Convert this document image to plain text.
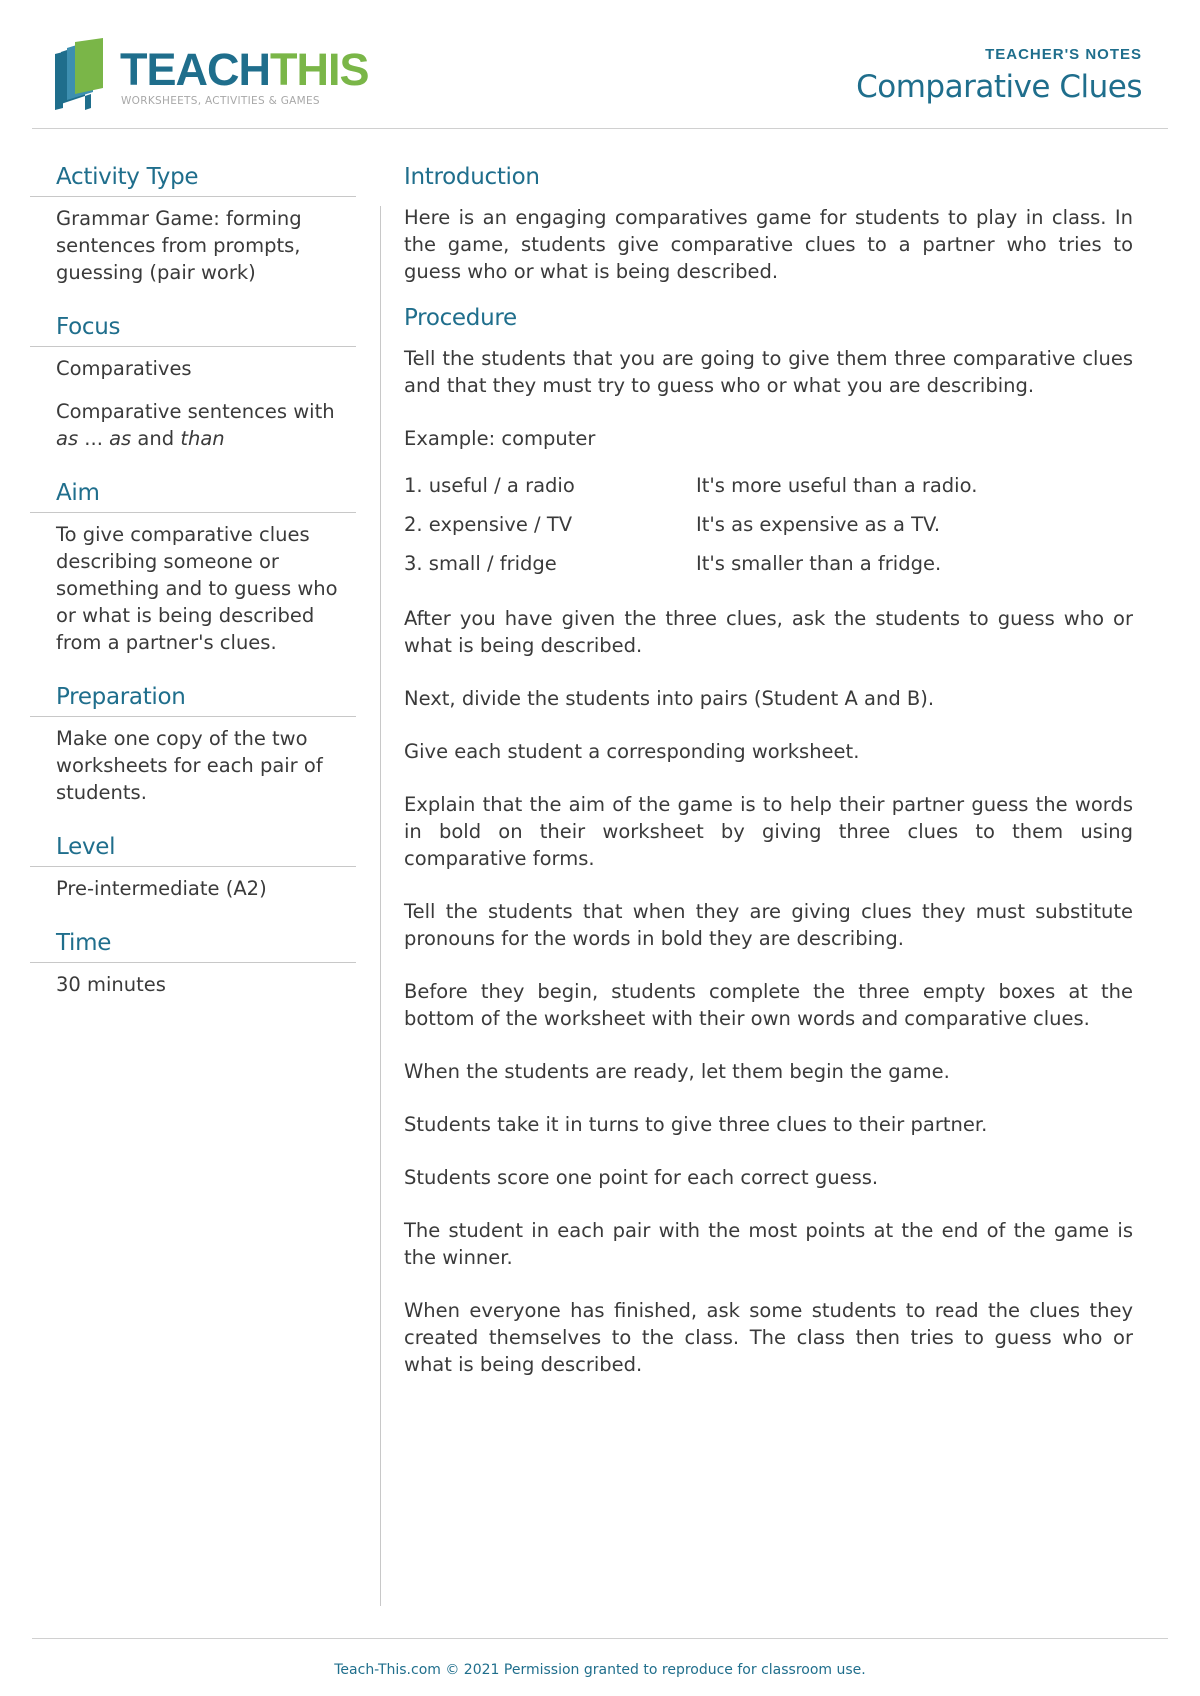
TEACHTHIS
WORKSHEETS, ACTIVITIES & GAMES
TEACHER'S NOTES
Comparative Clues
Activity Type

Grammar Game: forming sentences from prompts, guessing (pair work)

Focus

Comparatives

Comparative sentences with as ... as and than

Aim

To give comparative clues describing someone or something and to guess who or what is being described from a partner's clues.

Preparation

Make one copy of the two worksheets for each pair of students.

Level

Pre-intermediate (A2)

Time

30 minutes

Introduction

Here is an engaging comparatives game for students to play in class. In the game, students give comparative clues to a partner who tries to guess who or what is being described.

Procedure

Tell the students that you are going to give them three comparative clues and that they must try to guess who or what you are describing.

Example: computer

1. useful / a radio	It's more useful than a radio.
2. expensive / TV	It's as expensive as a TV.
3. small / fridge	It's smaller than a fridge.

After you have given the three clues, ask the students to guess who or what is being described.

Next, divide the students into pairs (Student A and B).

Give each student a corresponding worksheet.

Explain that the aim of the game is to help their partner guess the words in bold on their worksheet by giving three clues to them using comparative forms.

Tell the students that when they are giving clues they must substitute pronouns for the words in bold they are describing.

Before they begin, students complete the three empty boxes at the bottom of the worksheet with their own words and comparative clues.

When the students are ready, let them begin the game.

Students take it in turns to give three clues to their partner.

Students score one point for each correct guess.

The student in each pair with the most points at the end of the game is the winner.

When everyone has finished, ask some students to read the clues they created themselves to the class. The class then tries to guess who or what is being described.

Teach-This.com © 2021 Permission granted to reproduce for classroom use.
